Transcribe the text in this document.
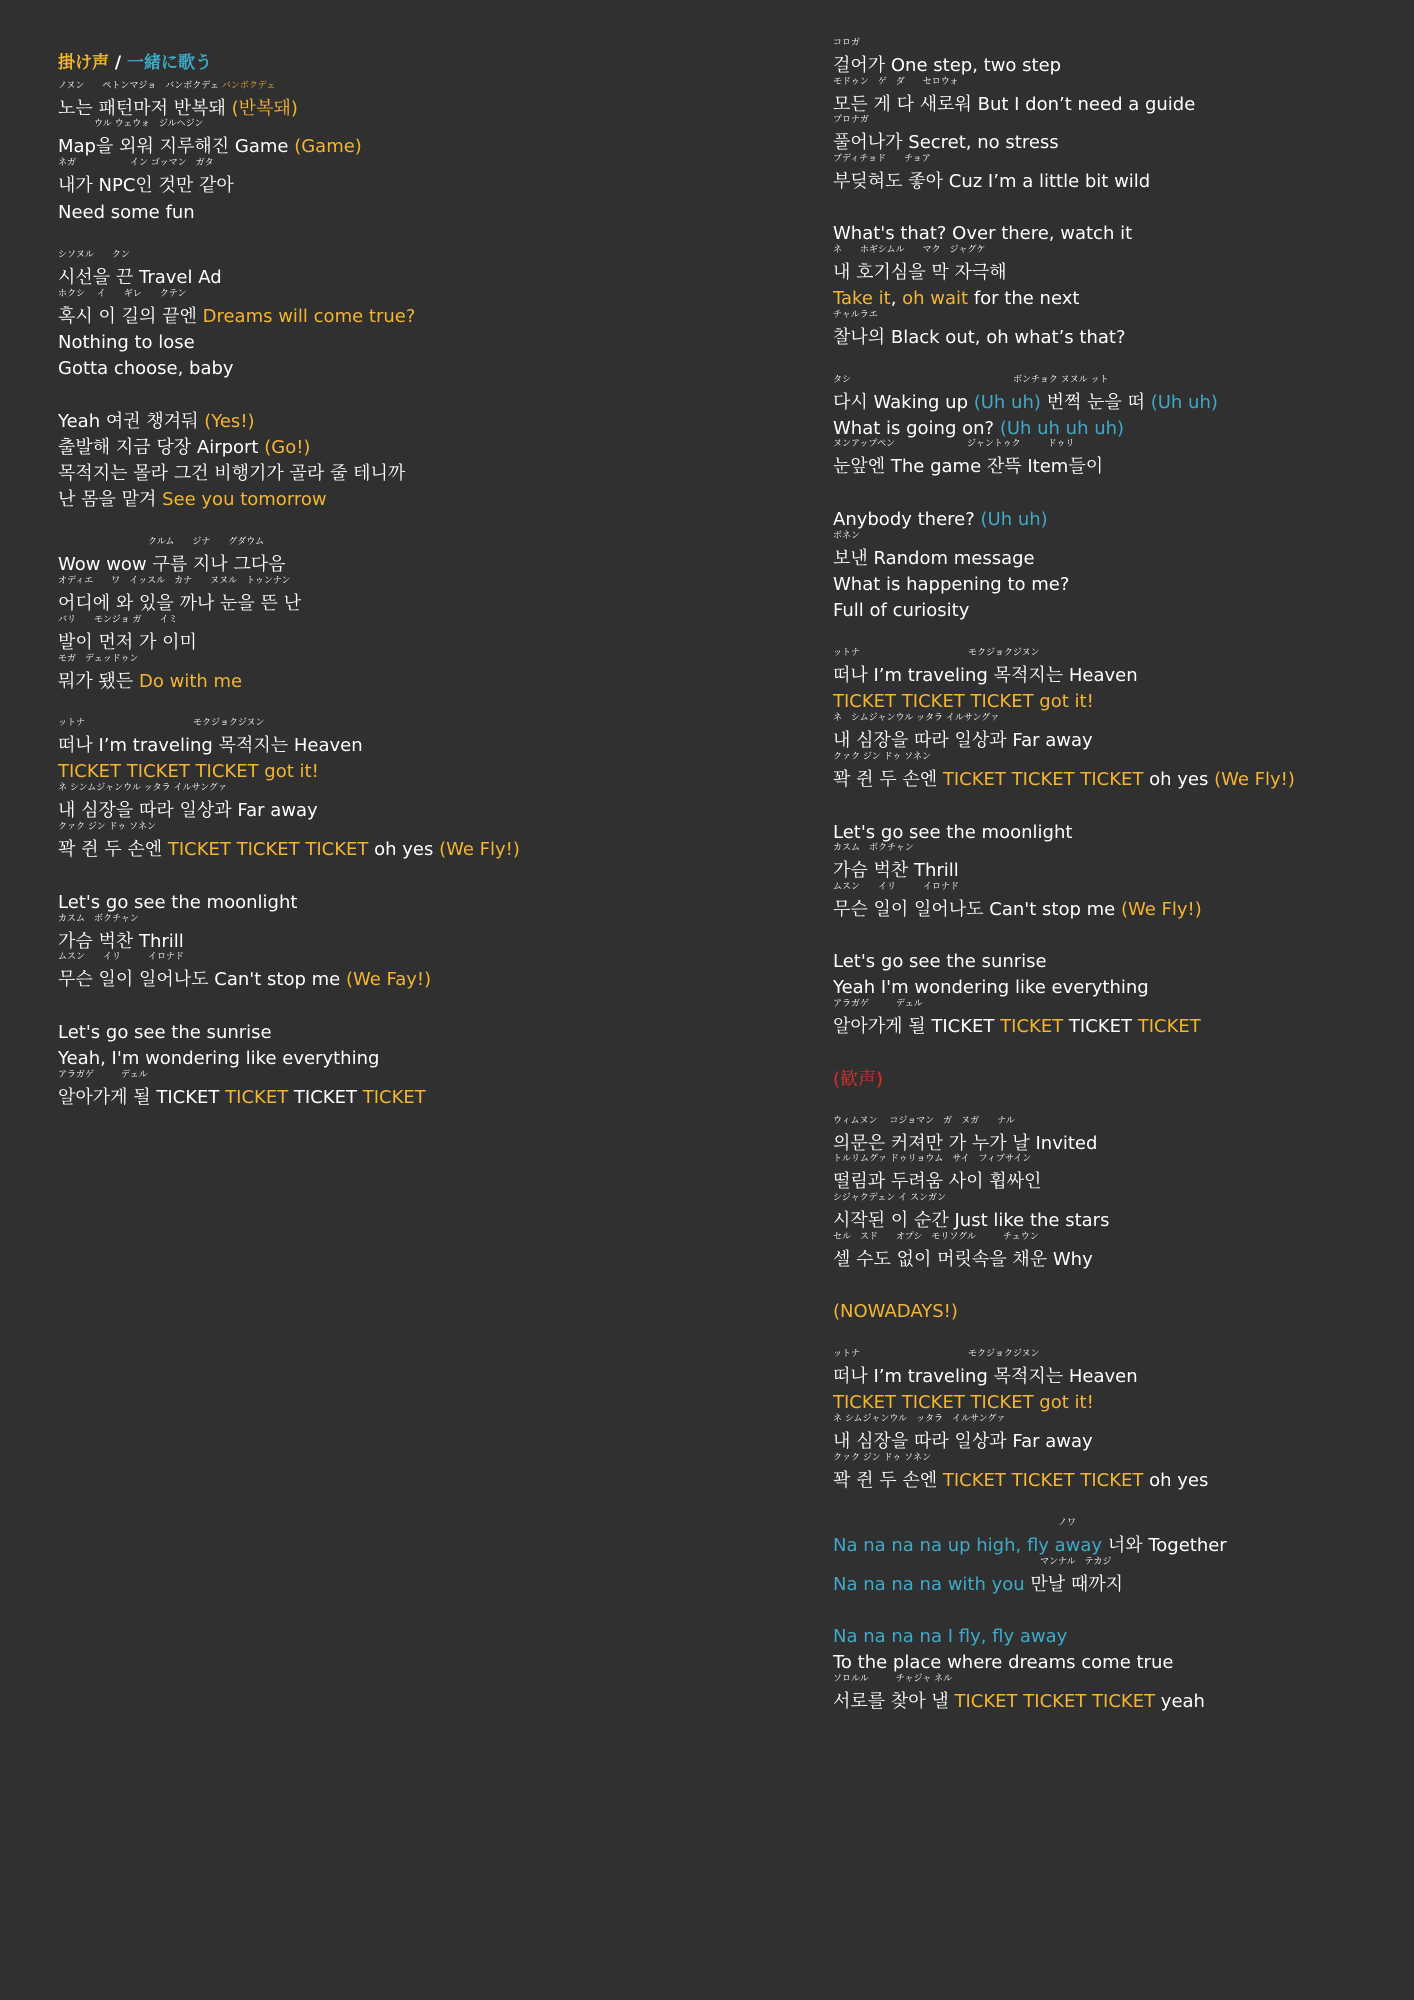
掛け声 / 一緒に歌う
ノヌン　　ペトンマジョ　バンボクデェ バンボクデェ
노는 패턴마저 반복돼 (반복돼)
　　　　ウル ウェウォ　ジルヘジン
Map을 외워 지루해진 Game (Game)
ネガ　　　　　　イン ゴッマン　ガタ
내가 NPC인 것만 같아
Need some fun
シソヌル　　クン
시선을 끈 Travel Ad
ホクシ　 イ　　ギレ　　クテン
혹시 이 길의 끝엔 Dreams will come true?
Nothing to lose
Gotta choose, baby
Yeah 여권 챙겨둬 (Yes!)
출발해 지금 당장 Airport (Go!)
목적지는 몰라 그건 비행기가 골라 줄 테니까
난 몸을 맡겨 See you tomorrow
　　　　　　　　　　クルム　　ジナ　　グダウム
Wow wow 구름 지나 그다음
オディエ　　ワ　イッスル　カナ　　ヌヌル　トゥンナン
어디에 와 있을 까나 눈을 뜬 난
バリ　　モンジョ ガ　　イミ
발이 먼저 가 이미
モガ　デェッドゥン
뭐가 됐든 Do with me
ットナ　　　　　　　　　　　　モクジョクジヌン
떠나 I’m traveling 목적지는 Heaven
TICKET TICKET TICKET got it!
ネ シンムジャンウル ッタラ イルサングァ
내 심장을 따라 일상과 Far away
クァク ジン ドゥ ソネン
꽉 쥔 두 손엔 TICKET TICKET TICKET oh yes (We Fly!)
Let's go see the moonlight
カスム　ボクチャン
가슴 벅찬 Thrill
ムスン　　イリ　　　イロナド
무슨 일이 일어나도 Can't stop me (We Fay!)
Let's go see the sunrise
Yeah, I'm wondering like everything
アラガゲ　　　デェル
알아가게 될 TICKET TICKET TICKET TICKET
コロガ
걸어가 One step, two step
モドゥン　ゲ　ダ　　セロウォ
모든 게 다 새로워 But I don’t need a guide
プロナガ
풀어나가 Secret, no stress
ブディチョド　　チョア
부딪혀도 좋아 Cuz I’m a little bit wild
What's that? Over there, watch it
ネ　　ホギシムル　　マク　ジャグケ
내 호기심을 막 자극해
Take it, oh wait for the next
チャルラエ
찰나의 Black out, oh what’s that?
タシ　　　　　　　　　　　　　　　　　　ボンチョク ヌヌル ット
다시 Waking up (Uh uh) 번쩍 눈을 떠 (Uh uh)
What is going on? (Uh uh uh uh)
ヌンアップペン　　　　　　　　ジャントゥク　　　ドゥリ
눈앞엔 The game 잔뜩 Item들이
Anybody there? (Uh uh)
ボネン
보낸 Random message
What is happening to me?
Full of curiosity
ットナ　　　　　　　　　　　　モクジョクジヌン
떠나 I’m traveling 목적지는 Heaven
TICKET TICKET TICKET got it!
ネ　シムジャンウル ッタラ イルサングァ
내 심장을 따라 일상과 Far away
クァク ジン ドゥ ソネン
꽉 쥔 두 손엔 TICKET TICKET TICKET oh yes (We Fly!)
Let's go see the moonlight
カスム　ボクチャン
가슴 벅찬 Thrill
ムスン　　イリ　　　イロナド
무슨 일이 일어나도 Can't stop me (We Fly!)
Let's go see the sunrise
Yeah I'm wondering like everything
アラガゲ　　　デェル
알아가게 될 TICKET TICKET TICKET TICKET
(歓声)
ウィムヌン　 コジョマン　ガ　ヌガ　　ナル
의문은 커져만 가 누가 날 Invited
トルリムグァ ドゥリョウム　サイ　フィブサイン
떨림과 두려움 사이 휩싸인
シジャクデェン イ スンガン
시작된 이 순간 Just like the stars
セル　スド　　オプシ　モリソグル　　　チェウン
셀 수도 없이 머릿속을 채운 Why
(NOWADAYS!)
ットナ　　　　　　　　　　　　モクジョクジヌン
떠나 I’m traveling 목적지는 Heaven
TICKET TICKET TICKET got it!
ネ シムジャンウル　ッタラ　イルサングァ
내 심장을 따라 일상과 Far away
クァク ジン ドゥ ソネン
꽉 쥔 두 손엔 TICKET TICKET TICKET oh yes
　　　　　　　　　　　　　　　　　　　　　　　　　ノワ
Na na na na up high, fly away 너와 Together
　　　　　　　　　　　　　　　　　　　　　　　マンナル　テカジ
Na na na na with you 만날 때까지
Na na na na I fly, fly away
To the place where dreams come true
ソロルル　　　チャジャ ネル
서로를 찾아 낼 TICKET TICKET TICKET yeah
